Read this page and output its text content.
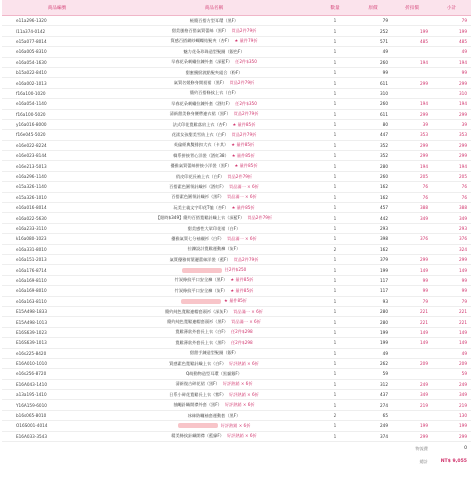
商品編號	商品名稱	數量	原價	折扣價	小計
e11a296-1320	極簡百搭方型耳環（黑F）	1	79		79
l11a374-0142	甜美風格百搭氣質蕾絲（黑F） 買品2件79折	1	252	199	199
e15a077-8014	質感百搭網紗蝴蝶結髮夾（杏F） ★ 量件79折	1	571	485	485
e16a005-8310	魅力花朵珍珠造型髮圈（銀色F）	1	49		49
e16a054-1630	早春花朵刺繡拉鍊外套（深藍F） 任2件$350	1	260	194	194
b15a022-8410	甜蜜繽紛波點髮夾組合（粉F）	1	99		99
e16a002-1013	氣質名媛修身開衩裙（黑F） 買品2件79折	1	611	299	299
f16a100-1020	簡約百搭條紋上衣（白F）	1	310		310
e16a054-1140	早春花朵刺繡拉鍊外套（酒紅F） 任2件$350	1	260	194	194
f16a100-5020	清新甜美修身腰帶連衣裙（黑F） 買品2件79折	1	611	299	299
y16a016-8000	法式印花寬鬆落肩上衣（杏F） ★ 量件85折	1	80	39	39
f16e045-5020	花漾女孩甜美雪紡上衣（白F） 買品2件79折	1	447	353	353
e16e022-8224	英倫經典雙排扣大衣（卡其） ★ 量件85折	1	352	299	299
e16e023-8144	韓系拼接背心洋裝（酒紅38） ★ 量件85折	1	352	299	299
e16e213-5013	優雅氣質蕾絲拼接小洋裝（黑F） ★ 量件85折	1	280	194	194
e16a296-1140	俏皮印花長袖上衣（白F） 買品2件79折	1	260	205	205
e15a326-1140	百搭素色圓領針織衫（酒紅F） 買品滿一 × 6折	1	162	76	76
e15a326-1010	百搭素色圓領針織衫（黑F） 買品滿一 × 6折	1	162	76	76
e16a016-8014	玩美主義文字印花T恤（杏F） ★ 量件85折	1	457	388	388
e16a022-5630	【限時$349】簡約百搭寬鬆針織上衣（深藍F） 買品2件79折	1	442	349	349
e16a233-3110	甜美感性大眾印花裙（白F）	1	293		293
k16a080-1023	優雅氣質七分袖襯衫（白F） 買品滿一 × 6折	1	398	376	376
e16a331-8010	拉鍊設計寬鬆運動褲（灰F）	2	162		324
e16a151-2013	氣質優雅荷葉邊蕾絲洋裝（藍F） 買品2件79折	1	379	299	299
e16a176-8714	任2件$250	1	199	149	149
e16a169-8110	竹炭條紋平口安全褲（黑F） ★ 量件85折	1	117	99	99
e16a169-8010	竹炭條紋平口安全褲（灰F） ★ 量件85折	1	117	99	99
e16a163-8110	★ 量件85折	1	93	79	79
E15A498-1833	簡約純色寬鬆連帽套頭衫（深灰F） 買品滿一 × 6折	1	280	221	221
E15A498-1013	簡約純色寬鬆連帽套頭衫（黑F） 買品滿一 × 6折	1	280	221	221
E16S639-1023	寬鬆薄款外套長上衣（白F） 任2件$298	1	199	149	149
E16S639-1013	寬鬆薄款外套長上衣（黑F） 任2件$298	1	199	149	149
e16s225-8420	甜甜手鍊造型髮圈（銀F）	1	49		49
E16A010-1010	質感素色寬鬆針織上衣（白F） 好評熱銷 × 6折	1	262	209	209
e16s256-8720	Q萌動物造型耳環（黑貓銀F）	1	59		59
E16A043-1410	清新復古碎花裙（黑F） 好評熱銷 × 6折	1	312	249	249
a13a195-1410	日系小碎花寬鬆長上衣（紫F） 好評熱銷 × 6折	1	437	349	349
Y16A159-6010	抽繩針織開襟外套（黑F） 好評熱銷 × 6折	1	274	219	219
b16s065-8010	冰絲防曬袖套運動套（黑F）	2	65		130
O16S001-4014	好評熱銷 × 6折	1	249	199	199
E16A033-3543	精美條紋針織開襟（藍綠F） 好評熱銷 × 6折	1	374	299	299
				物流費	0
				總計	NT$ 9,055
